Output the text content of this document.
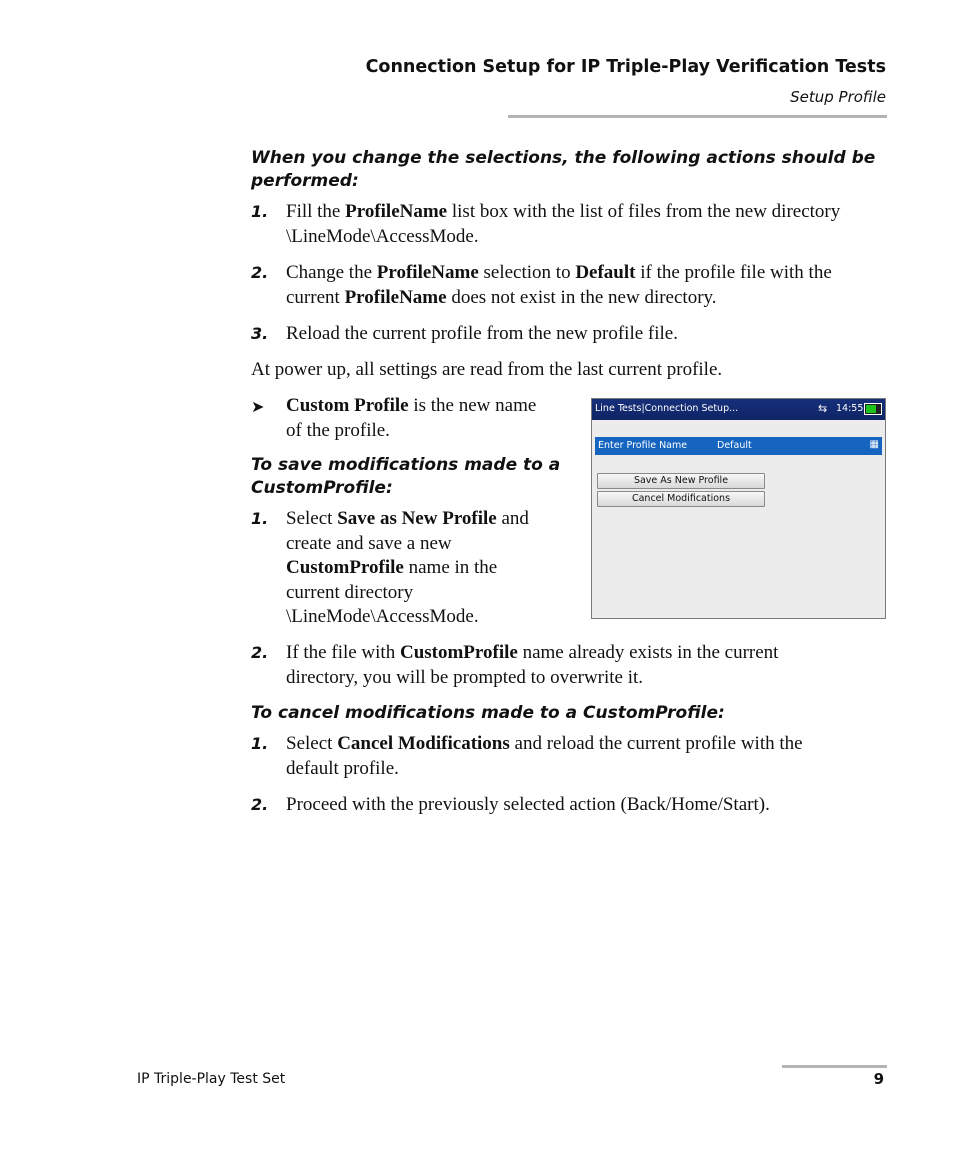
Connection Setup for IP Triple-Play Verification Tests
Setup Profile
When you change the selections, the following actions should be performed:
1. Fill the ProfileName list box with the list of files from the new directory
\LineMode\AccessMode.
2. Change the ProfileName selection to Default if the profile file with the
current ProfileName does not exist in the new directory.
3. Reload the current profile from the new profile file.
At power up, all settings are read from the last current profile.
➤ Custom Profile is the new name
of the profile.
To save modifications made to a
CustomProfile:
1. Select Save as New Profile and
create and save a new
CustomProfile name in the
current directory
\LineMode\AccessMode.
Line Tests|Connection Setup...	⇆ 14:55
Enter Profile Name	Default	▦
Save As New Profile
Cancel Modifications
2. If the file with CustomProfile name already exists in the current
directory, you will be prompted to overwrite it.
To cancel modifications made to a CustomProfile:
1. Select Cancel Modifications and reload the current profile with the
default profile.
2. Proceed with the previously selected action (Back/Home/Start).
IP Triple-Play Test Set	9
